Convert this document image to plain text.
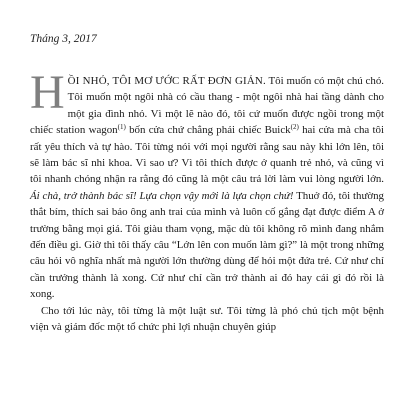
Tháng 3, 2017

HỒI NHỎ, TÔI MƠ ƯỚC RẤT ĐƠN GIẢN. Tôi muốn có một chú chó. Tôi muốn một ngôi nhà có cầu thang - một ngôi nhà hai tầng dành cho một gia đình nhỏ. Vì một lẽ nào đó, tôi cứ muốn được ngồi trong một chiếc station wagon$^{(1)}$ bốn cửa chứ chẳng phải chiếc Buick$^{(2)}$ hai cửa mà cha tôi rất yêu thích và tự hào. Tôi từng nói với mọi người rằng sau này khi lớn lên, tôi sẽ làm bác sĩ nhi khoa. Vì sao ư? Vì tôi thích được ở quanh trẻ nhỏ, và cũng vì tôi nhanh chóng nhận ra rằng đó cũng là một câu trả lời làm vui lòng người lớn. Ái chà, trở thành bác sĩ! Lựa chọn vậy mới là lựa chọn chứ! Thuở đó, tôi thường thắt bím, thích sai bảo ông anh trai của mình và luôn cố gắng đạt được điểm A ở trường bằng mọi giá. Tôi giàu tham vọng, mặc dù tôi không rõ mình đang nhắm đến điều gì. Giờ thì tôi thấy câu “Lớn lên con muốn làm gì?” là một trong những câu hỏi vô nghĩa nhất mà người lớn thường dùng để hỏi một đứa trẻ. Cứ như chỉ cần trưởng thành là xong. Cứ như chỉ cần trở thành ai đó hay cái gì đó rồi là xong.

Cho tới lúc này, tôi từng là một luật sư. Tôi từng là phó chủ tịch một bệnh viện và giám đốc một tổ chức phi lợi nhuận chuyên giúp
